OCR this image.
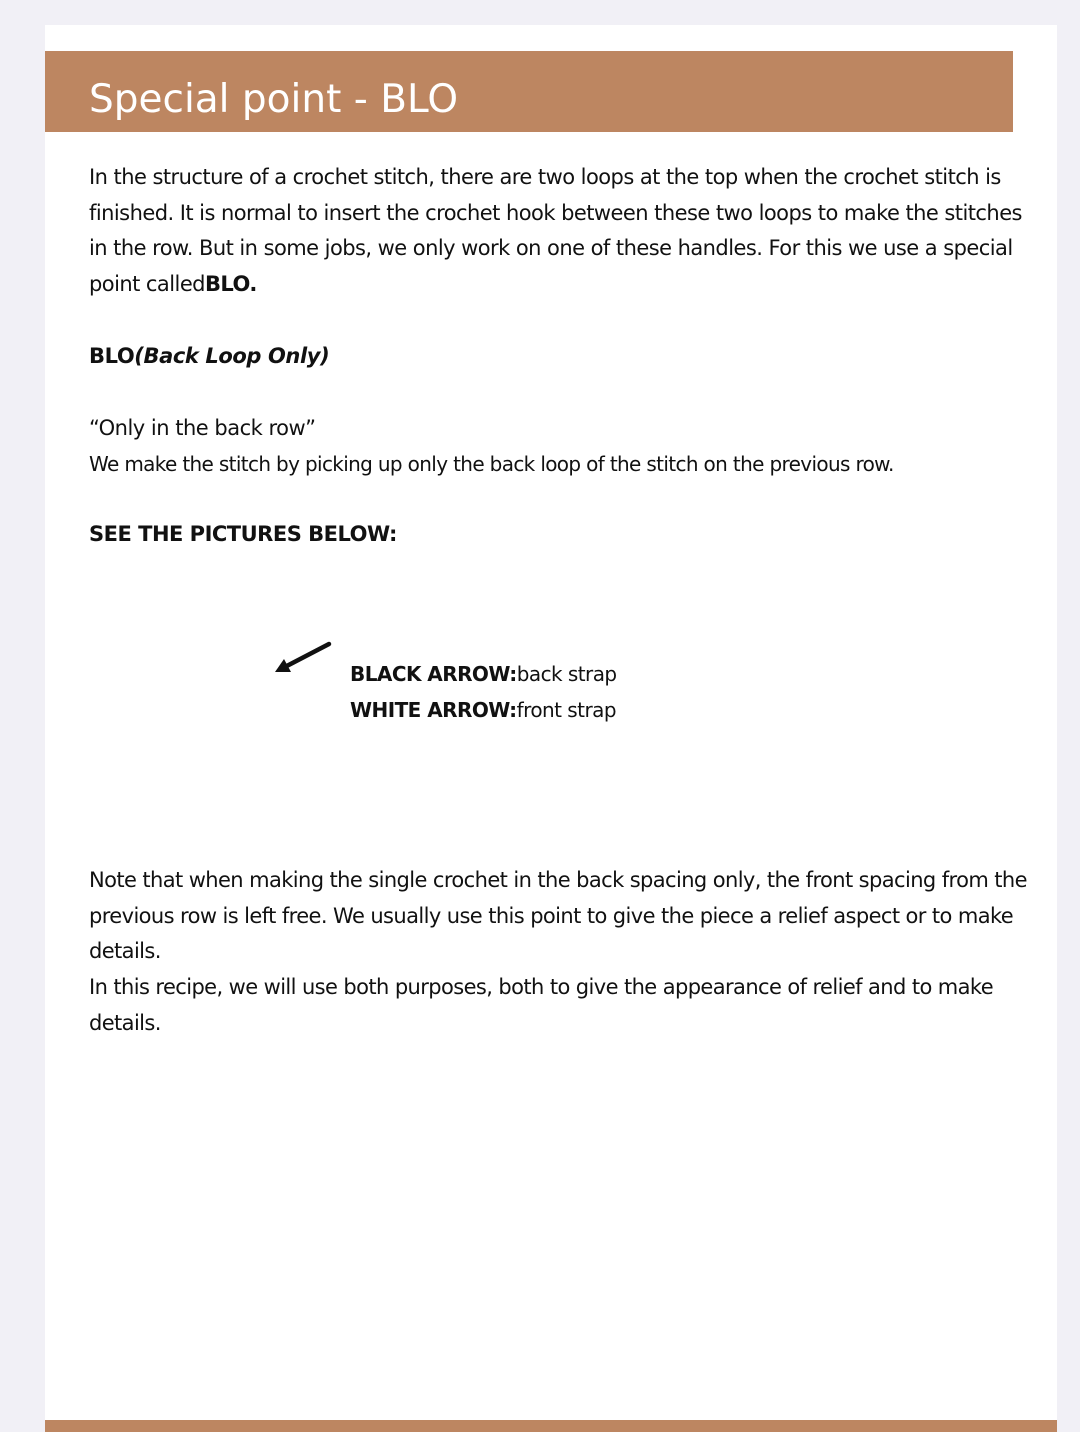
Special point - BLO

In the structure of a crochet stitch, there are two loops at the top when the crochet stitch is finished. It is normal to insert the crochet hook between these two loops to make the stitches in the row. But in some jobs, we only work on one of these handles. For this we use a special point calledBLO.

BLO(Back Loop Only)

“Only in the back row”

We make the stitch by picking up only the back loop of the stitch on the previous row.

SEE THE PICTURES BELOW:

BLACK ARROW:back strap
WHITE ARROW:front strap

Note that when making the single crochet in the back spacing only, the front spacing from the previous row is left free. We usually use this point to give the piece a relief aspect or to make details.
In this recipe, we will use both purposes, both to give the appearance of relief and to make details.
